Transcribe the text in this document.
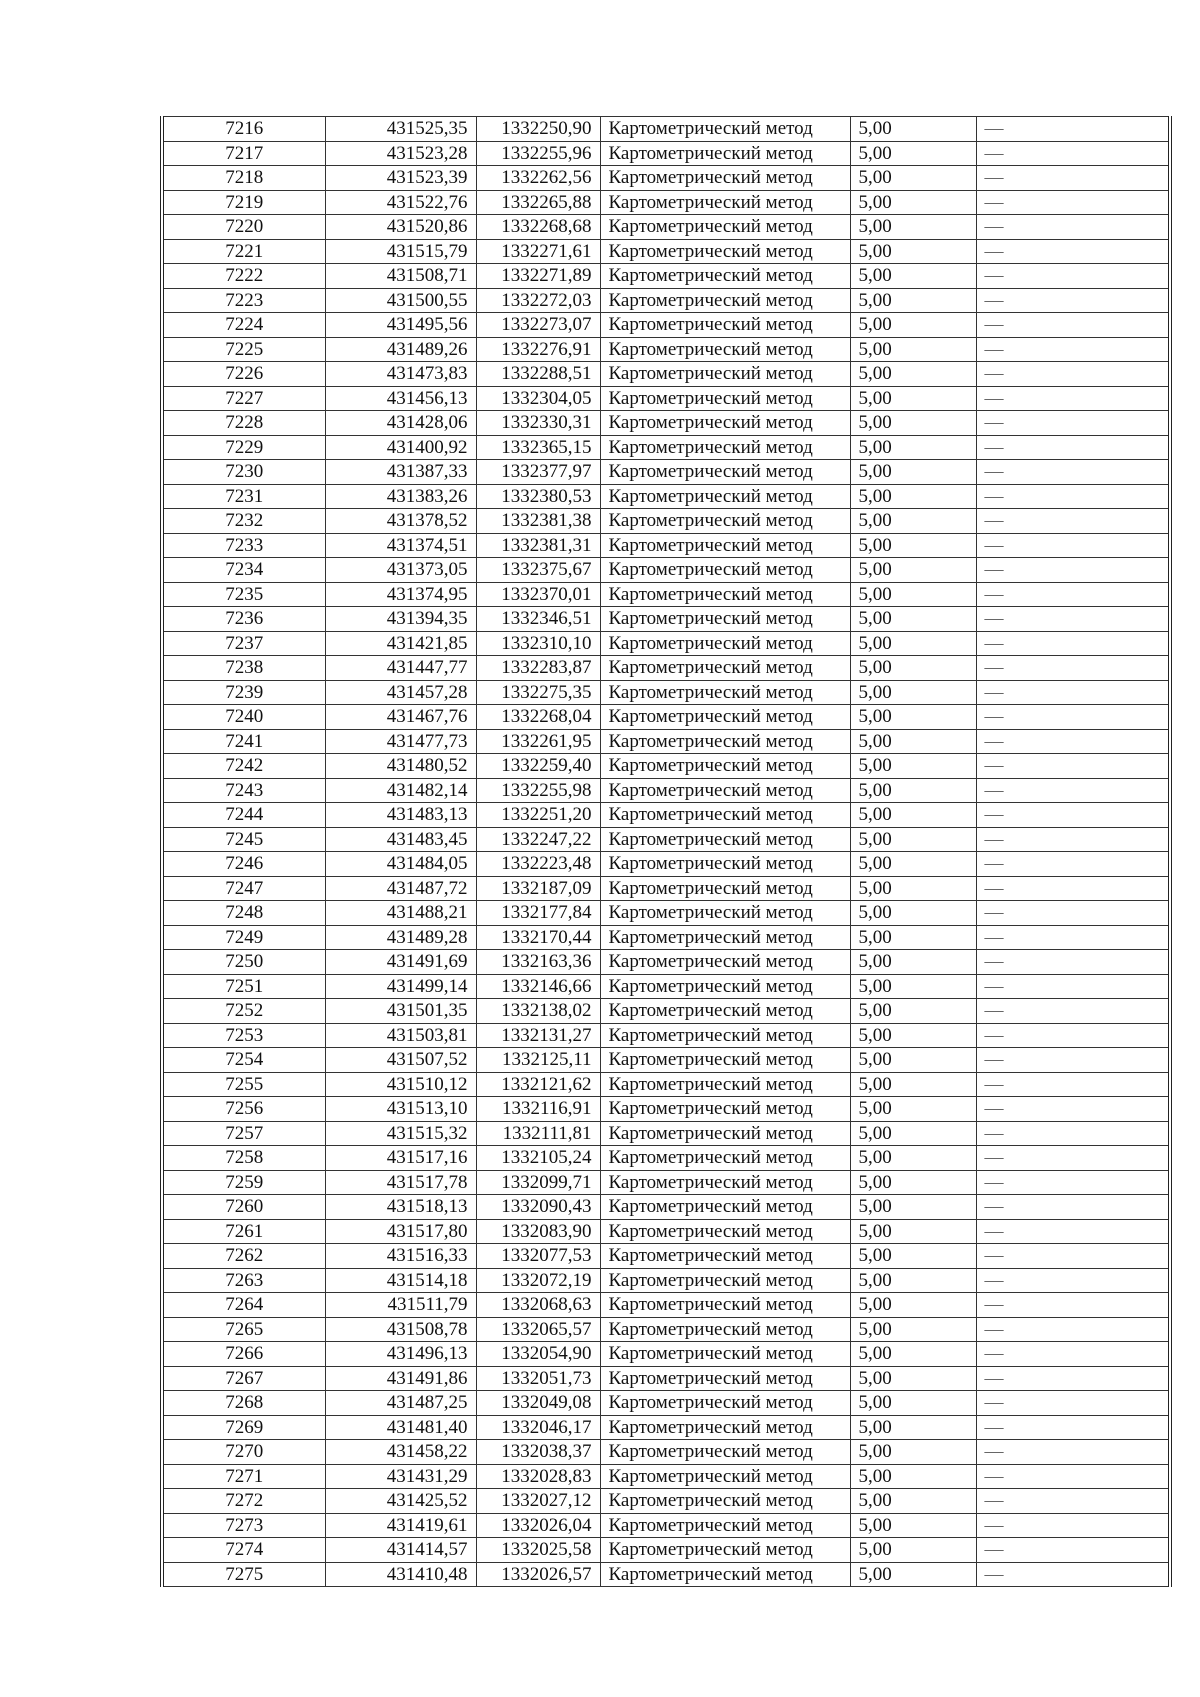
7216	431525,35	1332250,90	Картометрический метод	5,00	—
7217	431523,28	1332255,96	Картометрический метод	5,00	—
7218	431523,39	1332262,56	Картометрический метод	5,00	—
7219	431522,76	1332265,88	Картометрический метод	5,00	—
7220	431520,86	1332268,68	Картометрический метод	5,00	—
7221	431515,79	1332271,61	Картометрический метод	5,00	—
7222	431508,71	1332271,89	Картометрический метод	5,00	—
7223	431500,55	1332272,03	Картометрический метод	5,00	—
7224	431495,56	1332273,07	Картометрический метод	5,00	—
7225	431489,26	1332276,91	Картометрический метод	5,00	—
7226	431473,83	1332288,51	Картометрический метод	5,00	—
7227	431456,13	1332304,05	Картометрический метод	5,00	—
7228	431428,06	1332330,31	Картометрический метод	5,00	—
7229	431400,92	1332365,15	Картометрический метод	5,00	—
7230	431387,33	1332377,97	Картометрический метод	5,00	—
7231	431383,26	1332380,53	Картометрический метод	5,00	—
7232	431378,52	1332381,38	Картометрический метод	5,00	—
7233	431374,51	1332381,31	Картометрический метод	5,00	—
7234	431373,05	1332375,67	Картометрический метод	5,00	—
7235	431374,95	1332370,01	Картометрический метод	5,00	—
7236	431394,35	1332346,51	Картометрический метод	5,00	—
7237	431421,85	1332310,10	Картометрический метод	5,00	—
7238	431447,77	1332283,87	Картометрический метод	5,00	—
7239	431457,28	1332275,35	Картометрический метод	5,00	—
7240	431467,76	1332268,04	Картометрический метод	5,00	—
7241	431477,73	1332261,95	Картометрический метод	5,00	—
7242	431480,52	1332259,40	Картометрический метод	5,00	—
7243	431482,14	1332255,98	Картометрический метод	5,00	—
7244	431483,13	1332251,20	Картометрический метод	5,00	—
7245	431483,45	1332247,22	Картометрический метод	5,00	—
7246	431484,05	1332223,48	Картометрический метод	5,00	—
7247	431487,72	1332187,09	Картометрический метод	5,00	—
7248	431488,21	1332177,84	Картометрический метод	5,00	—
7249	431489,28	1332170,44	Картометрический метод	5,00	—
7250	431491,69	1332163,36	Картометрический метод	5,00	—
7251	431499,14	1332146,66	Картометрический метод	5,00	—
7252	431501,35	1332138,02	Картометрический метод	5,00	—
7253	431503,81	1332131,27	Картометрический метод	5,00	—
7254	431507,52	1332125,11	Картометрический метод	5,00	—
7255	431510,12	1332121,62	Картометрический метод	5,00	—
7256	431513,10	1332116,91	Картометрический метод	5,00	—
7257	431515,32	1332111,81	Картометрический метод	5,00	—
7258	431517,16	1332105,24	Картометрический метод	5,00	—
7259	431517,78	1332099,71	Картометрический метод	5,00	—
7260	431518,13	1332090,43	Картометрический метод	5,00	—
7261	431517,80	1332083,90	Картометрический метод	5,00	—
7262	431516,33	1332077,53	Картометрический метод	5,00	—
7263	431514,18	1332072,19	Картометрический метод	5,00	—
7264	431511,79	1332068,63	Картометрический метод	5,00	—
7265	431508,78	1332065,57	Картометрический метод	5,00	—
7266	431496,13	1332054,90	Картометрический метод	5,00	—
7267	431491,86	1332051,73	Картометрический метод	5,00	—
7268	431487,25	1332049,08	Картометрический метод	5,00	—
7269	431481,40	1332046,17	Картометрический метод	5,00	—
7270	431458,22	1332038,37	Картометрический метод	5,00	—
7271	431431,29	1332028,83	Картометрический метод	5,00	—
7272	431425,52	1332027,12	Картометрический метод	5,00	—
7273	431419,61	1332026,04	Картометрический метод	5,00	—
7274	431414,57	1332025,58	Картометрический метод	5,00	—
7275	431410,48	1332026,57	Картометрический метод	5,00	—
